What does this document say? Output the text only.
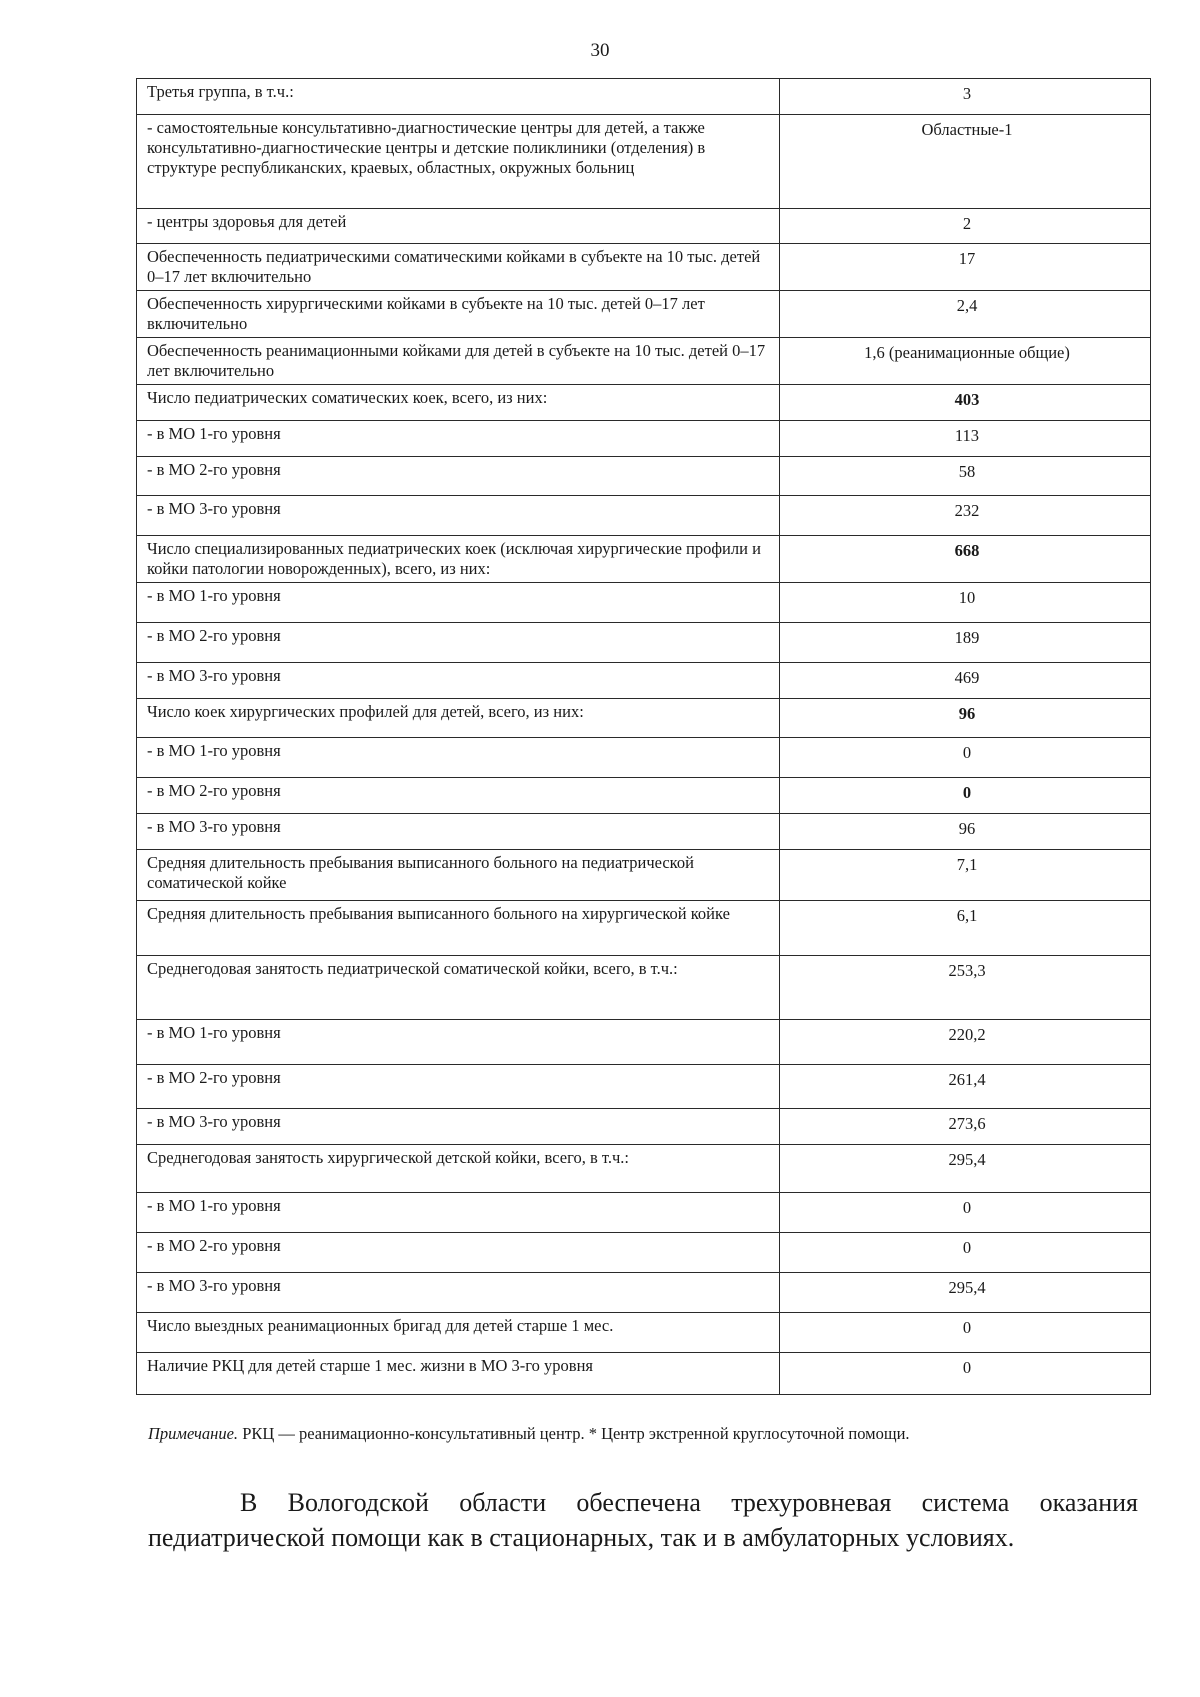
30
Третья группа, в т.ч.:	3
- самостоятельные консультативно-диагностические центры для детей, а также консультативно-диагностические центры и детские поликлиники (отделения) в структуре республиканских, краевых, областных, окружных больниц	Областные-1
- центры здоровья для детей	2
Обеспеченность педиатрическими соматическими койками в субъекте на 10 тыс. детей 0–17 лет включительно	17
Обеспеченность хирургическими койками в субъекте на 10 тыс. детей 0–17 лет включительно	2,4
Обеспеченность реанимационными койками для детей в субъекте на 10 тыс. детей 0–17 лет включительно	1,6 (реанимационные общие)
Число педиатрических соматических коек, всего, из них:	403
- в МО 1-го уровня	113
- в МО 2-го уровня	58
- в МО 3-го уровня	232
Число специализированных педиатрических коек (исключая хирургические профили и койки патологии новорожденных), всего, из них:	668
- в МО 1-го уровня	10
- в МО 2-го уровня	189
- в МО 3-го уровня	469
Число коек хирургических профилей для детей, всего, из них:	96
- в МО 1-го уровня	0
- в МО 2-го уровня	0
- в МО 3-го уровня	96
Средняя длительность пребывания выписанного больного на педиатрической соматической койке	7,1
Средняя длительность пребывания выписанного больного на хирургической койке	6,1
Среднегодовая занятость педиатрической соматической койки, всего, в т.ч.:	253,3
- в МО 1-го уровня	220,2
- в МО 2-го уровня	261,4
- в МО 3-го уровня	273,6
Среднегодовая занятость хирургической детской койки, всего, в т.ч.:	295,4
- в МО 1-го уровня	0
- в МО 2-го уровня	0
- в МО 3-го уровня	295,4
Число выездных реанимационных бригад для детей старше 1 мес.	0
Наличие РКЦ для детей старше 1 мес. жизни в МО 3-го уровня	0
Примечание. РКЦ — реанимационно-консультативный центр. * Центр экстренной круглосуточной помощи.
В Вологодской области обеспечена трехуровневая система оказания педиатрической помощи как в стационарных, так и в амбулаторных условиях.
